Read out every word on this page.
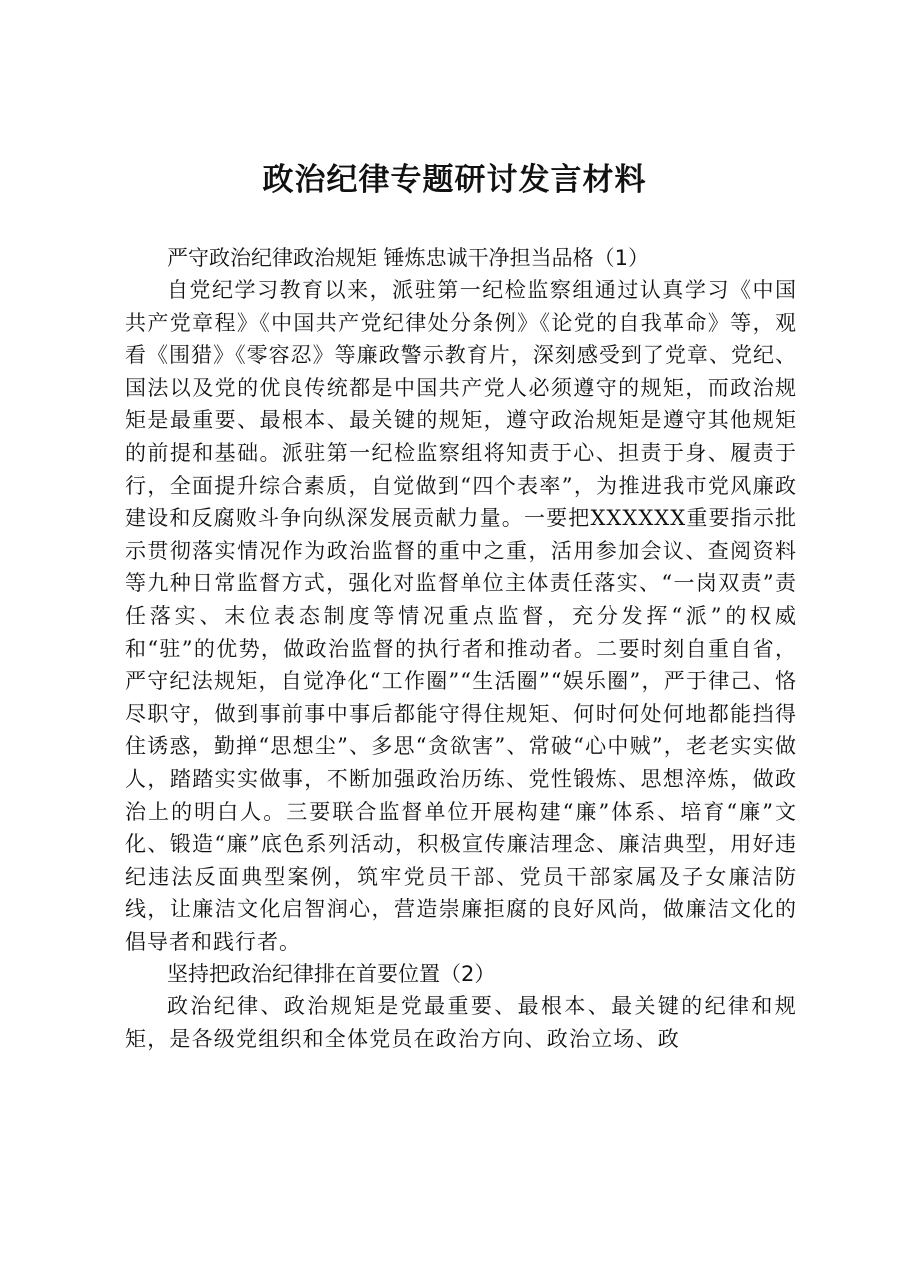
政治纪律专题研讨发言材料

严守政治纪律政治规矩 锤炼忠诚干净担当品格（1）

自党纪学习教育以来，派驻第一纪检监察组通过认真学习《中国共产党章程》《中国共产党纪律处分条例》《论党的自我革命》等，观看《围猎》《零容忍》等廉政警示教育片，深刻感受到了党章、党纪、国法以及党的优良传统都是中国共产党人必须遵守的规矩，而政治规矩是最重要、最根本、最关键的规矩，遵守政治规矩是遵守其他规矩的前提和基础。派驻第一纪检监察组将知责于心、担责于身、履责于行，全面提升综合素质，自觉做到“四个表率”，为推进我市党风廉政建设和反腐败斗争向纵深发展贡献力量。一要把XXXXXX重要指示批示贯彻落实情况作为政治监督的重中之重，活用参加会议、查阅资料等九种日常监督方式，强化对监督单位主体责任落实、“一岗双责”责任落实、末位表态制度等情况重点监督，充分发挥“派”的权威和“驻”的优势，做政治监督的执行者和推动者。二要时刻自重自省，严守纪法规矩，自觉净化“工作圈”“生活圈”“娱乐圈”，严于律己、恪尽职守，做到事前事中事后都能守得住规矩、何时何处何地都能挡得住诱惑，勤掸“思想尘”、多思“贪欲害”、常破“心中贼”，老老实实做人，踏踏实实做事，不断加强政治历练、党性锻炼、思想淬炼，做政治上的明白人。三要联合监督单位开展构建“廉”体系、培育“廉”文化、锻造“廉”底色系列活动，积极宣传廉洁理念、廉洁典型，用好违纪违法反面典型案例，筑牢党员干部、党员干部家属及子女廉洁防线，让廉洁文化启智润心，营造崇廉拒腐的良好风尚，做廉洁文化的倡导者和践行者。

坚持把政治纪律排在首要位置（2）

政治纪律、政治规矩是党最重要、最根本、最关键的纪律和规矩，是各级党组织和全体党员在政治方向、政治立场、政
